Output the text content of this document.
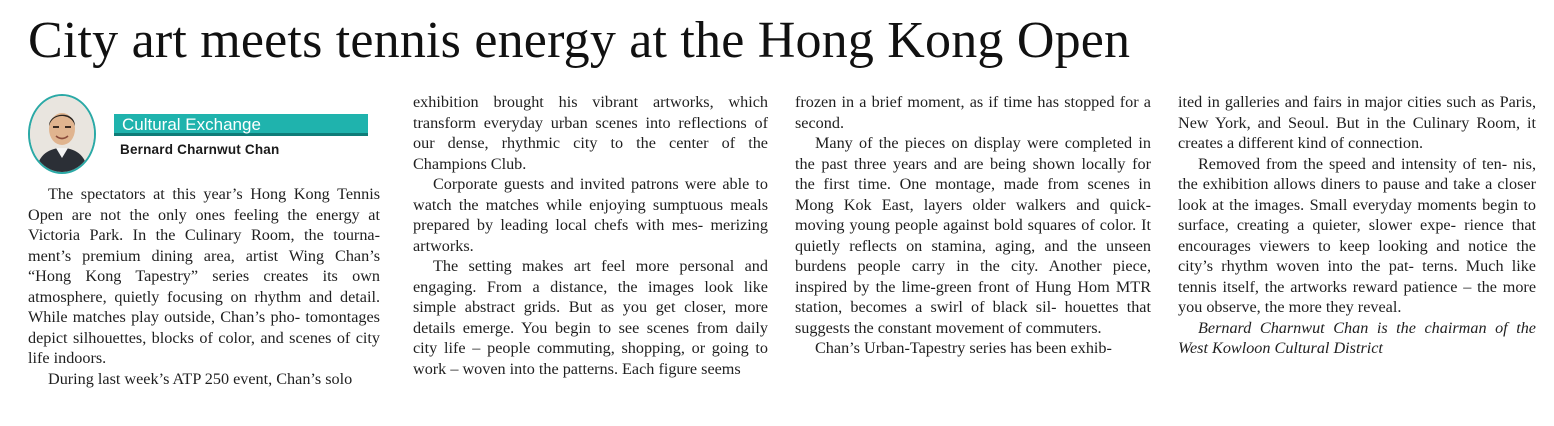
City art meets tennis energy at the Hong Kong Open
Cultural Exchange
Bernard Charnwut Chan

The spectators at this year’s Hong Kong Tennis Open are not the only ones feeling the energy at Victoria Park. In the Culinary Room, the tourna- ment’s premium dining area, artist Wing Chan’s “Hong Kong Tapestry” series creates its own atmosphere, quietly focusing on rhythm and detail. While matches play outside, Chan’s pho- tomontages depict silhouettes, blocks of color, and scenes of city life indoors.

During last week’s ATP 250 event, Chan’s solo

exhibition brought his vibrant artworks, which transform everyday urban scenes into reflections of our dense, rhythmic city to the center of the Champions Club.

Corporate guests and invited patrons were able to watch the matches while enjoying sumptuous meals prepared by leading local chefs with mes- merizing artworks.

The setting makes art feel more personal and engaging. From a distance, the images look like simple abstract grids. But as you get closer, more details emerge. You begin to see scenes from daily city life – people commuting, shopping, or going to work – woven into the patterns. Each figure seems

frozen in a brief moment, as if time has stopped for a second.

Many of the pieces on display were completed in the past three years and are being shown locally for the first time. One montage, made from scenes in Mong Kok East, layers older walkers and quick- moving young people against bold squares of color. It quietly reflects on stamina, aging, and the unseen burdens people carry in the city. Another piece, inspired by the lime-green front of Hung Hom MTR station, becomes a swirl of black sil- houettes that suggests the constant movement of commuters.

Chan’s Urban-Tapestry series has been exhib-

ited in galleries and fairs in major cities such as Paris, New York, and Seoul. But in the Culinary Room, it creates a different kind of connection.

Removed from the speed and intensity of ten- nis, the exhibition allows diners to pause and take a closer look at the images. Small everyday moments begin to surface, creating a quieter, slower expe- rience that encourages viewers to keep looking and notice the city’s rhythm woven into the pat- terns. Much like tennis itself, the artworks reward patience – the more you observe, the more they reveal.

Bernard Charnwut Chan is the chairman of the West Kowloon Cultural District
